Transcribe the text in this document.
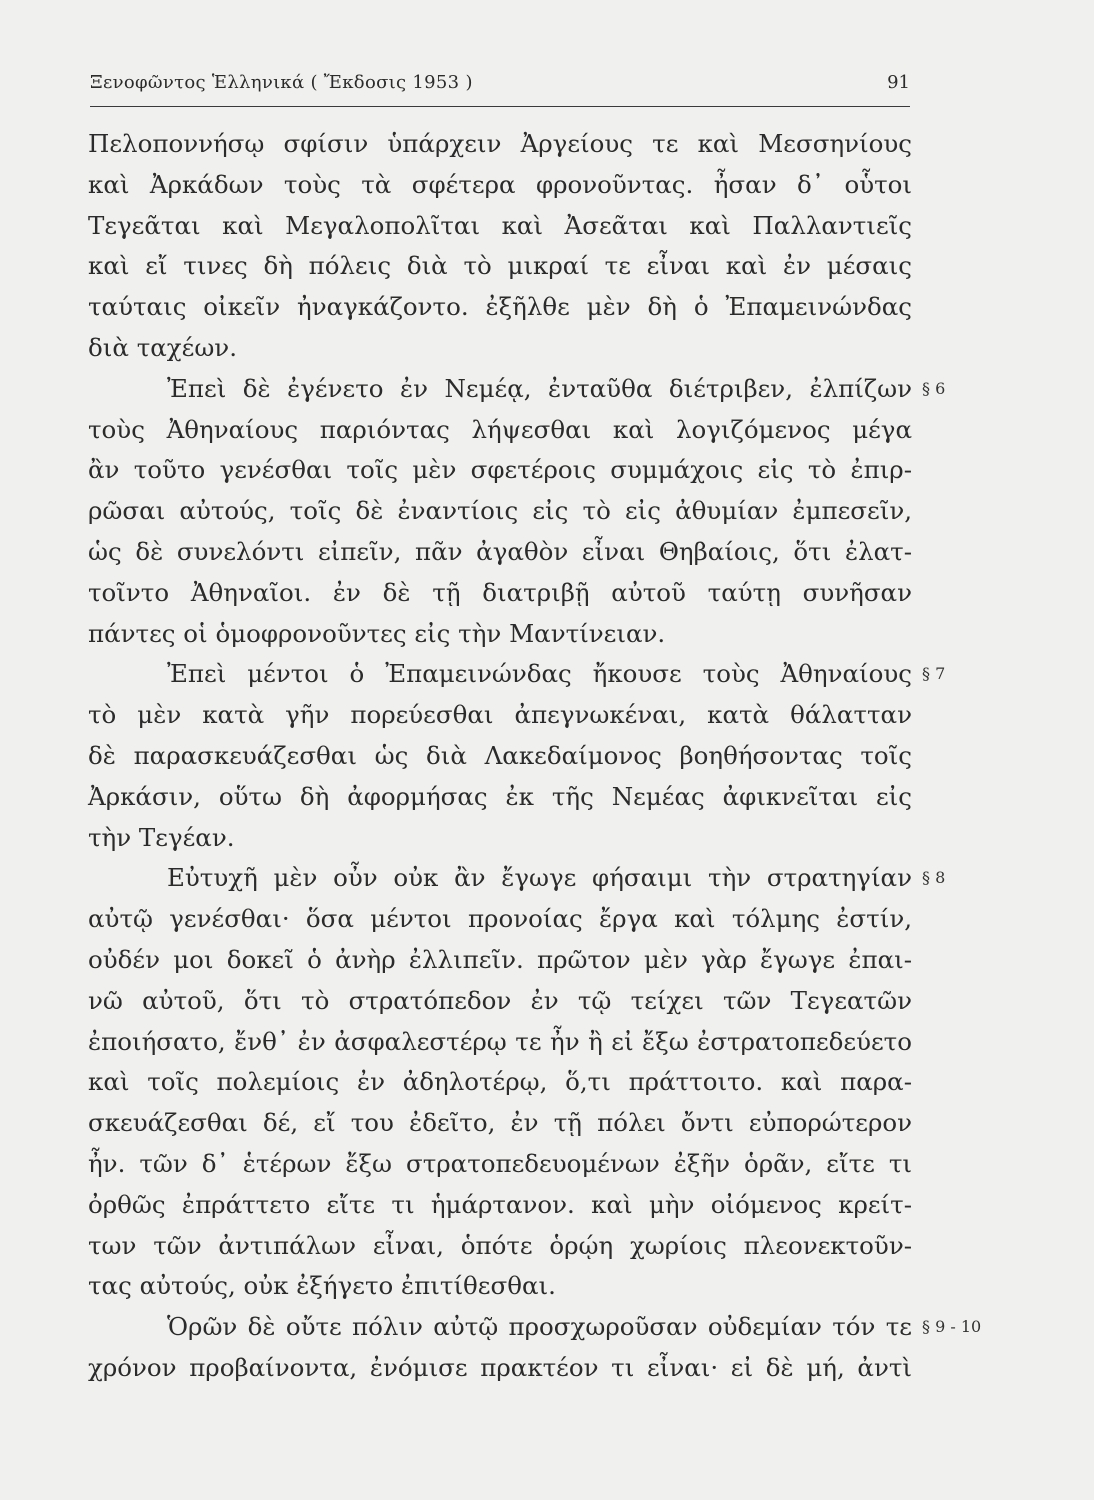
Ξενοφῶντος Ἑλληνικά ( Ἔκδοσις 1953 )	91
Πελοποννήσῳ σφίσιν ὑπάρχειν Ἀργείους τε καὶ Μεσσηνίους
καὶ Ἀρκάδων τοὺς τὰ σφέτερα φρονοῦντας. ἦσαν δ᾽ οὗτοι
Τεγεᾶται καὶ Μεγαλοπολῖται καὶ Ἀσεᾶται καὶ Παλλαντιεῖς
καὶ εἴ τινες δὴ πόλεις διὰ τὸ μικραί τε εἶναι καὶ ἐν μέσαις
ταύταις οἰκεῖν ἠναγκάζοντο. ἐξῆλθε μὲν δὴ ὁ Ἐπαμεινώνδας
διὰ ταχέων.
Ἐπεὶ δὲ ἐγένετο ἐν Νεμέᾳ, ἐνταῦθα διέτριβεν, ἐλπίζων § 6
τοὺς Ἀθηναίους παριόντας λήψεσθαι καὶ λογιζόμενος μέγα
ἂν τοῦτο γενέσθαι τοῖς μὲν σφετέροις συμμάχοις εἰς τὸ ἐπιρ-
ρῶσαι αὐτούς, τοῖς δὲ ἐναντίοις εἰς τὸ εἰς ἀθυμίαν ἐμπεσεῖν,
ὡς δὲ συνελόντι εἰπεῖν, πᾶν ἀγαθὸν εἶναι Θηβαίοις, ὅτι ἐλατ-
τοῖντο Ἀθηναῖοι. ἐν δὲ τῇ διατριβῇ αὐτοῦ ταύτῃ συνῆσαν
πάντες οἱ ὁμοφρονοῦντες εἰς τὴν Μαντίνειαν.
Ἐπεὶ μέντοι ὁ Ἐπαμεινώνδας ἤκουσε τοὺς Ἀθηναίους § 7
τὸ μὲν κατὰ γῆν πορεύεσθαι ἀπεγνωκέναι, κατὰ θάλατταν
δὲ παρασκευάζεσθαι ὡς διὰ Λακεδαίμονος βοηθήσοντας τοῖς
Ἀρκάσιν, οὕτω δὴ ἀφορμήσας ἐκ τῆς Νεμέας ἀφικνεῖται εἰς
τὴν Τεγέαν.
Εὐτυχῆ μὲν οὖν οὐκ ἂν ἔγωγε φήσαιμι τὴν στρατηγίαν § 8
αὐτῷ γενέσθαι· ὅσα μέντοι προνοίας ἔργα καὶ τόλμης ἐστίν,
οὐδέν μοι δοκεῖ ὁ ἀνὴρ ἐλλιπεῖν. πρῶτον μὲν γὰρ ἔγωγε ἐπαι-
νῶ αὐτοῦ, ὅτι τὸ στρατόπεδον ἐν τῷ τείχει τῶν Τεγεατῶν
ἐποιήσατο, ἔνθ᾽ ἐν ἀσφαλεστέρῳ τε ἦν ἢ εἰ ἔξω ἐστρατοπεδεύετο
καὶ τοῖς πολεμίοις ἐν ἀδηλοτέρῳ, ὅ,τι πράττοιτο. καὶ παρα-
σκευάζεσθαι δέ, εἴ του ἐδεῖτο, ἐν τῇ πόλει ὄντι εὐπορώτερον
ἦν. τῶν δ᾽ ἑτέρων ἔξω στρατοπεδευομένων ἐξῆν ὁρᾶν, εἴτε τι
ὀρθῶς ἐπράττετο εἴτε τι ἡμάρτανον. καὶ μὴν οἰόμενος κρείτ-
των τῶν ἀντιπάλων εἶναι, ὁπότε ὁρῴη χωρίοις πλεονεκτοῦν-
τας αὐτούς, οὐκ ἐξήγετο ἐπιτίθεσθαι.
Ὁρῶν δὲ οὔτε πόλιν αὐτῷ προσχωροῦσαν οὐδεμίαν τόν τε § 9 - 10
χρόνον προβαίνοντα, ἐνόμισε πρακτέον τι εἶναι· εἰ δὲ μή, ἀντὶ
